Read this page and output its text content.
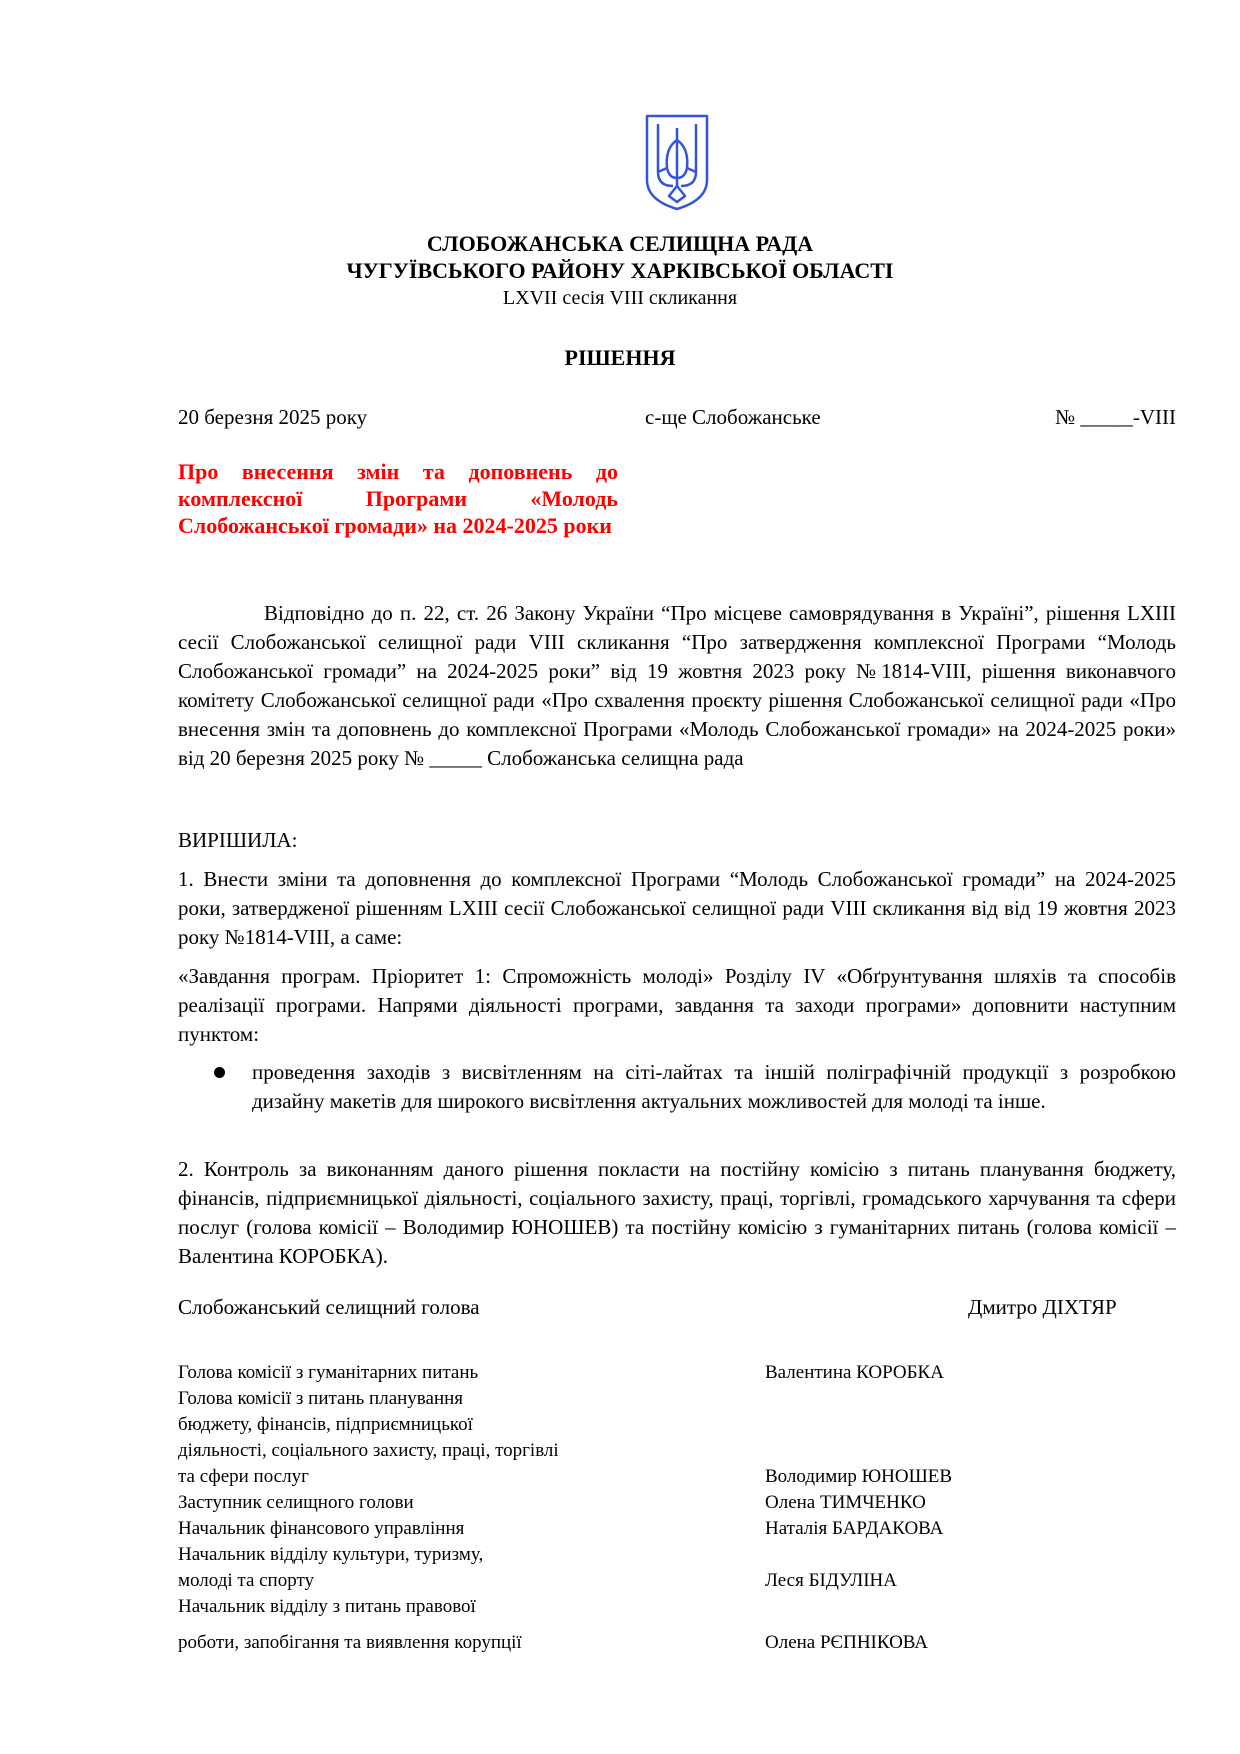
СЛОБОЖАНСЬКА СЕЛИЩНА РАДА
ЧУГУЇВСЬКОГО РАЙОНУ ХАРКІВСЬКОЇ ОБЛАСТІ
LXVII сесія VIII скликання
РІШЕННЯ
20 березня 2025 року	с-ще Слобожанське	№ _____-VIII
Про внесення змін та доповнень до комплексної Програми «Молодь Слобожанської громади» на 2024-2025 роки
Відповідно до п. 22, ст. 26 Закону України “Про місцеве самоврядування в Україні”, рішення LXIII сесії Слобожанської селищної ради VIII скликання “Про затвердження комплексної Програми “Молодь Слобожанської громади” на 2024-2025 роки” від 19 жовтня 2023 року №1814-VIII, рішення виконавчого комітету Слобожанської селищної ради «Про схвалення проєкту рішення Слобожанської селищної ради «Про внесення змін та доповнень до комплексної Програми «Молодь Слобожанської громади» на 2024-2025 роки» від 20 березня 2025 року № _____ Слобожанська селищна рада
ВИРІШИЛА:
1. Внести зміни та доповнення до комплексної Програми “Молодь Слобожанської громади” на 2024-2025 роки, затвердженої рішенням LXIII сесії Слобожанської селищної ради VIII скликання від від 19 жовтня 2023 року №1814-VIII, а саме:
«Завдання програм. Пріоритет 1: Спроможність молоді» Розділу IV «Обґрунтування шляхів та способів реалізації програми. Напрями діяльності програми, завдання та заходи програми» доповнити наступним пунктом:
проведення заходів з висвітленням на сіті-лайтах та іншій поліграфічній продукції з розробкою дизайну макетів для широкого висвітлення актуальних можливостей для молоді та інше.
2. Контроль за виконанням даного рішення покласти на постійну комісію з питань планування бюджету, фінансів, підприємницької діяльності, соціального захисту, праці, торгівлі, громадського харчування та сфери послуг (голова комісії – Володимир ЮНОШЕВ) та постійну комісію з гуманітарних питань (голова комісії – Валентина КОРОБКА).
Слобожанський селищний голова	Дмитро ДІХТЯР
Голова комісії з гуманітарних питань	Валентина КОРОБКА
Голова комісії з питань планування
бюджету, фінансів, підприємницької
діяльності, соціального захисту, праці, торгівлі
та сфери послуг	Володимир ЮНОШЕВ
Заступник селищного голови	Олена ТИМЧЕНКО
Начальник фінансового управління	Наталія БАРДАКОВА
Начальник відділу культури, туризму,
молоді та спорту	Леся БІДУЛІНА
Начальник відділу з питань правової
роботи, запобігання та виявлення корупції	Олена РЄПНІКОВА
